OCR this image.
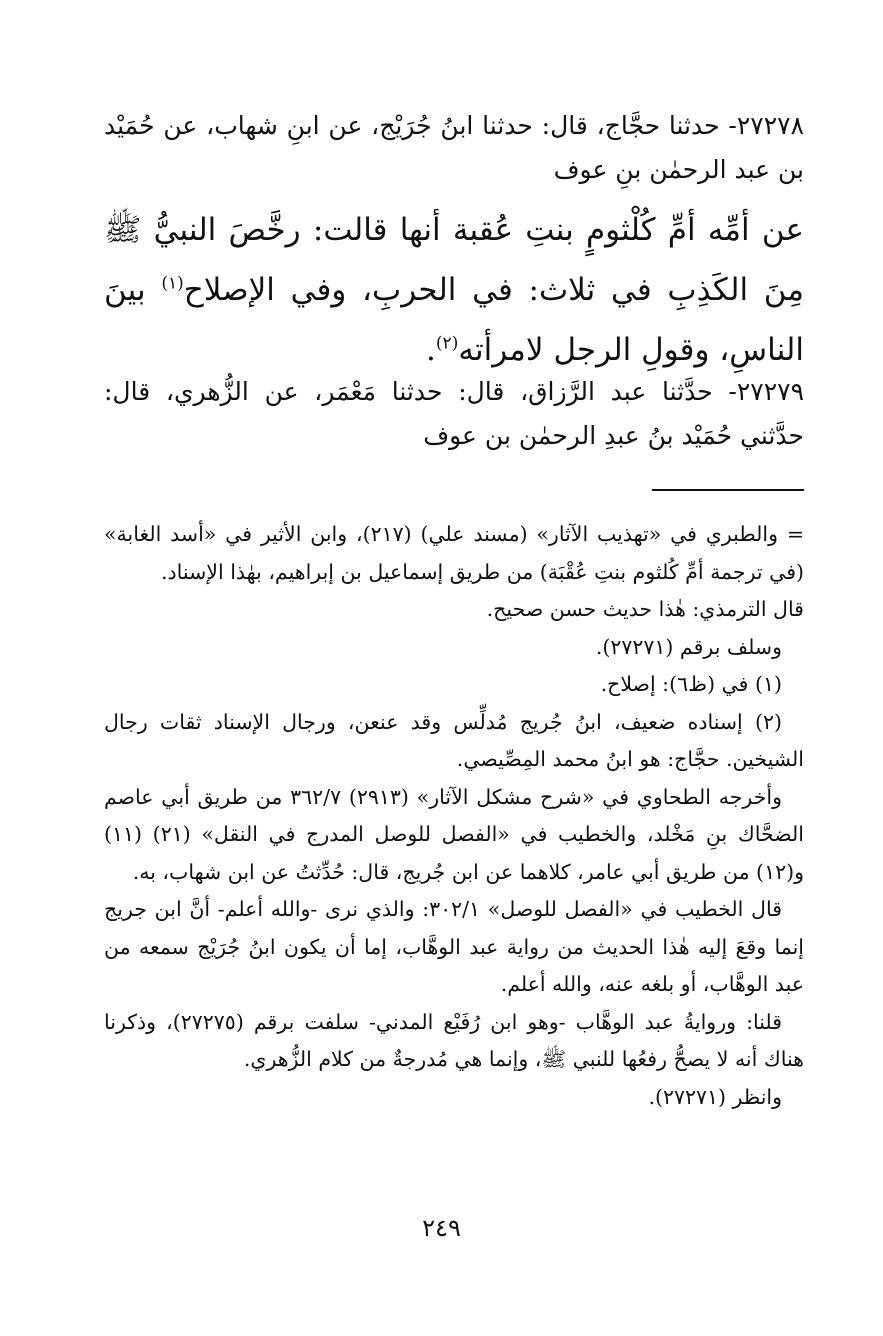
٢٧٢٧٨- حدثنا حجَّاج، قال: حدثنا ابنُ جُرَيْج، عن ابنِ شهاب، عن حُمَيْد بن عبد الرحمٰن بنِ عوف
عن أمِّه أمِّ كُلْثومٍ بنتِ عُقبة أنها قالت: رخَّصَ النبيُّ ﷺ مِنَ الكَذِبِ في ثلاث: في الحربِ، وفي الإصلاح$^{(١)}$ بينَ الناسِ، وقولِ الرجل لامرأته$^{(٢)}$.
٢٧٢٧٩- حدَّثنا عبد الرَّزاق، قال: حدثنا مَعْمَر، عن الزُّهري، قال: حدَّثني حُمَيْد بنُ عبدِ الرحمٰن بن عوف

= والطبري في «تهذيب الآثار» (مسند علي) (٢١٧)، وابن الأثير في «أسد الغابة» (في ترجمة أمِّ كُلثوم بنتِ عُقْبَة) من طريق إسماعيل بن إبراهيم، بهٰذا الإسناد.

قال الترمذي: هٰذا حديث حسن صحيح.

وسلف برقم (٢٧٢٧١).

(١) في (ظ٦): إصلاح.

(٢) إسناده ضعيف، ابنُ جُريج مُدلِّس وقد عنعن، ورجال الإسناد ثقات رجال الشيخين. حجَّاج: هو ابنُ محمد المِصِّيصي.

وأخرجه الطحاوي في «شرح مشكل الآثار» (٢٩١٣) ٣٦٢/٧ من طريق أبي عاصم الضحَّاك بنِ مَخْلد، والخطيب في «الفصل للوصل المدرج في النقل» (٢١) (١١) و(١٢) من طريق أبي عامر، كلاهما عن ابن جُريج، قال: حُدِّثتُ عن ابن شهاب، به.

قال الخطيب في «الفصل للوصل» ٣٠٢/١: والذي نرى -والله أعلم- أنَّ ابن جريج إنما وقعَ إليه هٰذا الحديث من رواية عبد الوهَّاب، إما أن يكون ابنُ جُرَيْج سمعه من عبد الوهَّاب، أو بلغه عنه، والله أعلم.

قلنا: وروايةُ عبد الوهَّاب -وهو ابن رُفَيْع المدني- سلفت برقم (٢٧٢٧٥)، وذكرنا هناك أنه لا يصحُّ رفعُها للنبي ﷺ، وإنما هي مُدرجةٌ من كلام الزُّهري.

وانظر (٢٧٢٧١).

٢٤٩
